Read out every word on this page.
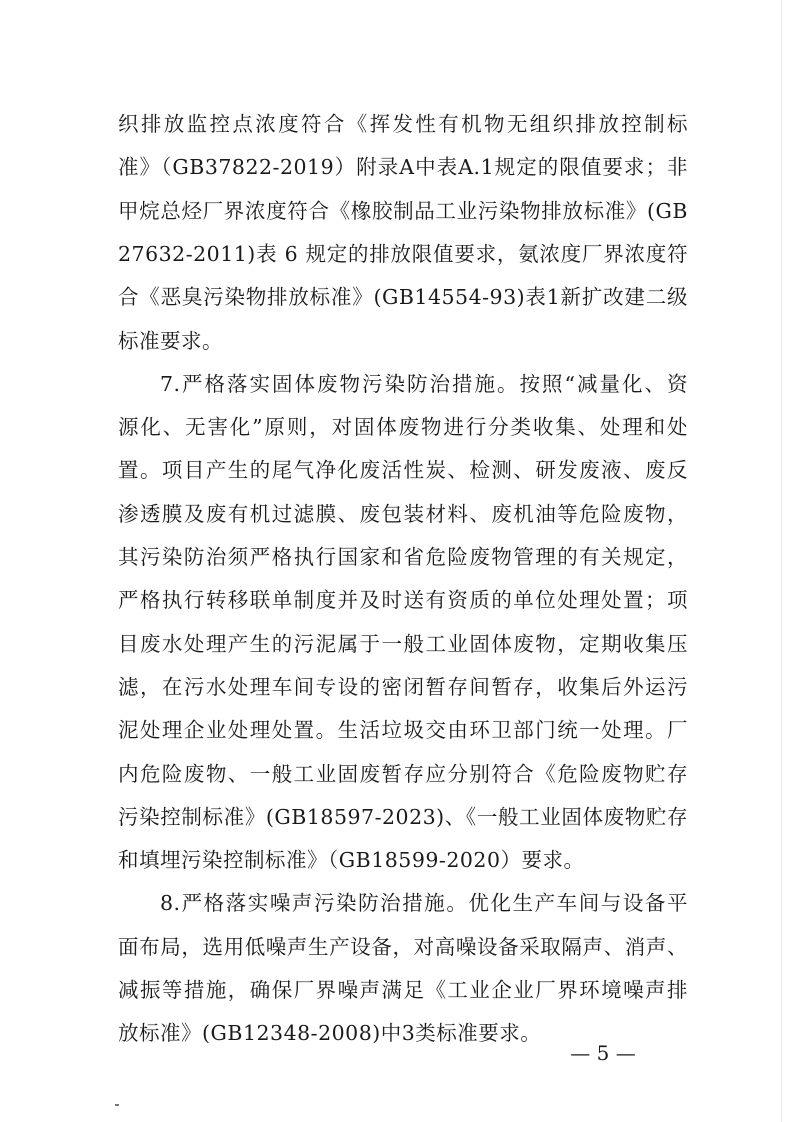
织排放监控点浓度符合《挥发性有机物无组织排放控制标
准》（GB37822-2019）附录A中表A.1规定的限值要求；非
甲烷总烃厂界浓度符合《橡胶制品工业污染物排放标准》(GB
27632-2011)表 6 规定的排放限值要求，氨浓度厂界浓度符
合《恶臭污染物排放标准》(GB14554-93)表1新扩改建二级
标准要求。
7.严格落实固体废物污染防治措施。按照“减量化、资
源化、无害化”原则，对固体废物进行分类收集、处理和处
置。项目产生的尾气净化废活性炭、检测、研发废液、废反
渗透膜及废有机过滤膜、废包装材料、废机油等危险废物，
其污染防治须严格执行国家和省危险废物管理的有关规定，
严格执行转移联单制度并及时送有资质的单位处理处置；项
目废水处理产生的污泥属于一般工业固体废物，定期收集压
滤，在污水处理车间专设的密闭暂存间暂存，收集后外运污
泥处理企业处理处置。生活垃圾交由环卫部门统一处理。厂
内危险废物、一般工业固废暂存应分别符合《危险废物贮存
污染控制标准》(GB18597-2023)、《一般工业固体废物贮存
和填埋污染控制标准》（GB18599-2020）要求。
8.严格落实噪声污染防治措施。优化生产车间与设备平
面布局，选用低噪声生产设备，对高噪设备采取隔声、消声、
减振等措施，确保厂界噪声满足《工业企业厂界环境噪声排
放标准》(GB12348-2008)中3类标准要求。
— 5 —
